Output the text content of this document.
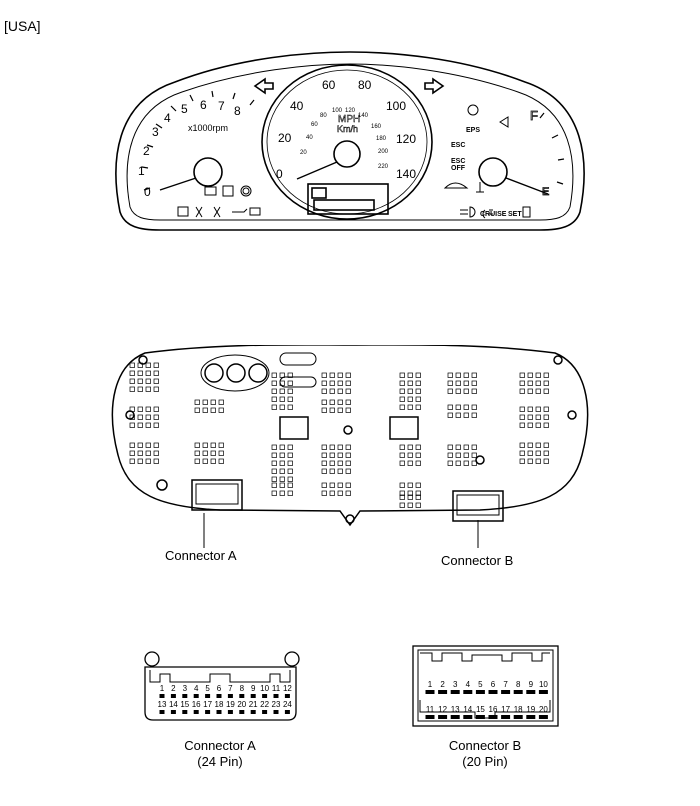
[USA]
0
1
2
3
4
5 6 7 8
x1000rpm
0
20
40
60 80
100
120
140
20
40
60
80
100 120
140
160
180
200
220
MPH
Km/h
F
E
EPS
ESC
ESC
OFF
CRUISE SET
Connector A	Connector B
1 2 3 4 5 6 7 8 9 10 11 12
13 14 15 16 17 18 19 20 21 22 23 24
Connector A
(24 Pin)
1 2 3 4 5 6 7 8 9 10
11 12 13 14 15 16 17 18 19 20
Connector B
(20 Pin)
